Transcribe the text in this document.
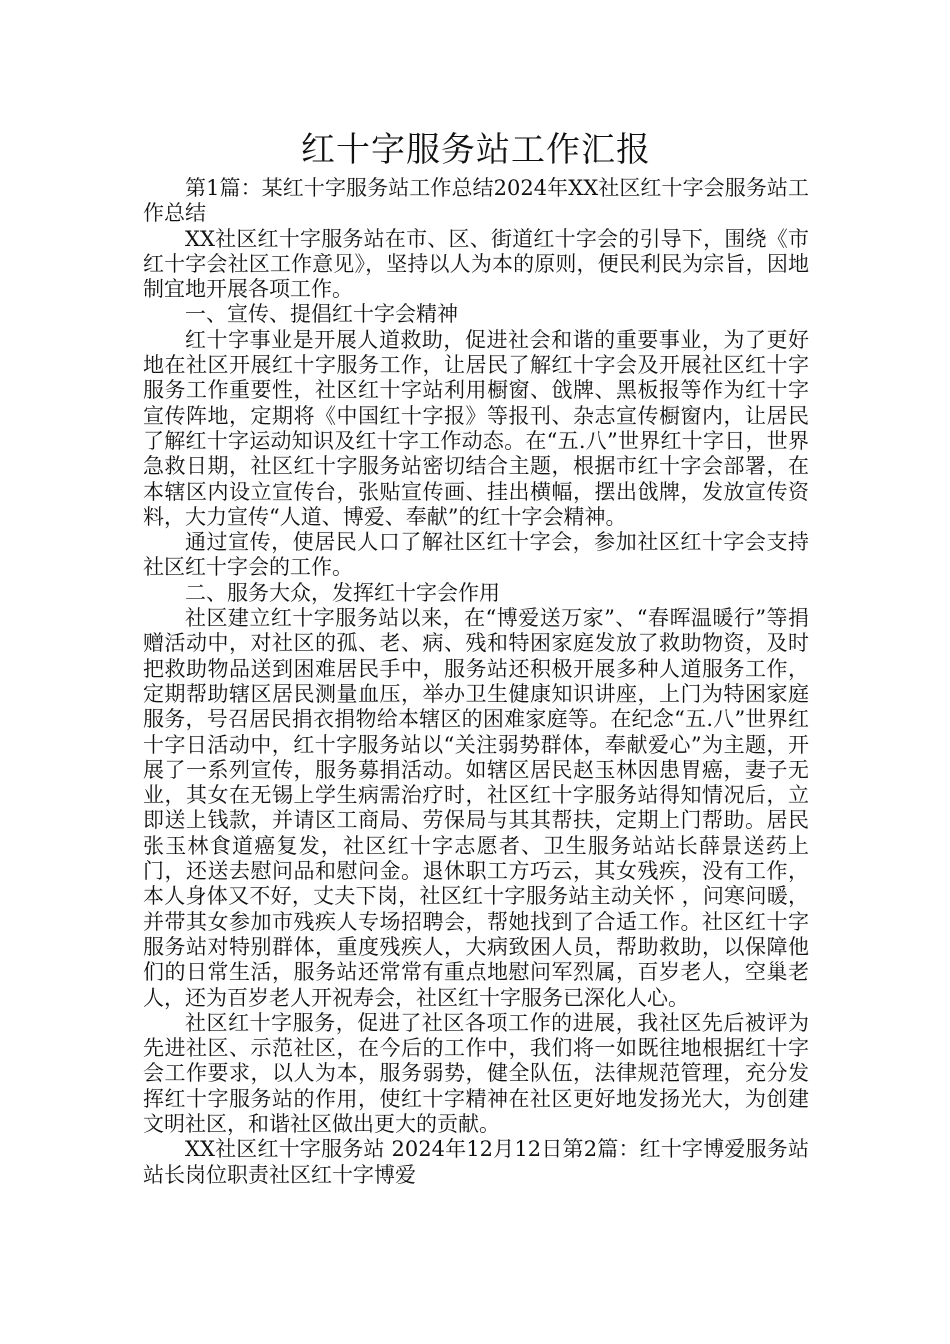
红十字服务站工作汇报

第1篇：某红十字服务站工作总结2024年XX社区红十字会服务站工作总结

XX社区红十字服务站在市、区、街道红十字会的引导下，围绕《市红十字会社区工作意见》，坚持以人为本的原则，便民利民为宗旨，因地制宜地开展各项工作。

一、宣传、提倡红十字会精神

红十字事业是开展人道救助，促进社会和谐的重要事业，为了更好地在社区开展红十字服务工作，让居民了解红十字会及开展社区红十字服务工作重要性，社区红十字站利用橱窗、戗牌、黑板报等作为红十字宣传阵地，定期将《中国红十字报》等报刊、杂志宣传橱窗内，让居民了解红十字运动知识及红十字工作动态。在“五.八”世界红十字日，世界急救日期，社区红十字服务站密切结合主题，根据市红十字会部署，在本辖区内设立宣传台，张贴宣传画、挂出横幅，摆出戗牌，发放宣传资料，大力宣传“人道、博爱、奉献”的红十字会精神。

通过宣传，使居民人口了解社区红十字会，参加社区红十字会支持社区红十字会的工作。

二、服务大众，发挥红十字会作用

社区建立红十字服务站以来，在“博爱送万家”、“春晖温暖行”等捐赠活动中，对社区的孤、老、病、残和特困家庭发放了救助物资，及时把救助物品送到困难居民手中，服务站还积极开展多种人道服务工作，定期帮助辖区居民测量血压，举办卫生健康知识讲座，上门为特困家庭服务，号召居民捐衣捐物给本辖区的困难家庭等。在纪念“五.八”世界红十字日活动中，红十字服务站以“关注弱势群体，奉献爱心”为主题，开展了一系列宣传，服务募捐活动。如辖区居民赵玉林因患胃癌，妻子无业，其女在无锡上学生病需治疗时，社区红十字服务站得知情况后，立即送上钱款，并请区工商局、劳保局与其其帮扶，定期上门帮助。居民张玉林食道癌复发，社区红十字志愿者、卫生服务站站长薛景送药上门，还送去慰问品和慰问金。退休职工方巧云，其女残疾，没有工作，本人身体又不好，丈夫下岗，社区红十字服务站主动关怀 ，问寒问暖，并带其女参加市残疾人专场招聘会，帮她找到了合适工作。社区红十字服务站对特别群体，重度残疾人，大病致困人员，帮助救助，以保障他们的日常生活，服务站还常常有重点地慰问军烈属，百岁老人，空巢老人，还为百岁老人开祝寿会，社区红十字服务已深化人心。

社区红十字服务，促进了社区各项工作的进展，我社区先后被评为先进社区、示范社区，在今后的工作中，我们将一如既往地根据红十字会工作要求，以人为本，服务弱势，健全队伍，法律规范管理，充分发挥红十字服务站的作用，使红十字精神在社区更好地发扬光大，为创建文明社区，和谐社区做出更大的贡献。

XX社区红十字服务站 2024年12月12日第2篇：红十字博爱服务站站长岗位职责社区红十字博爱
